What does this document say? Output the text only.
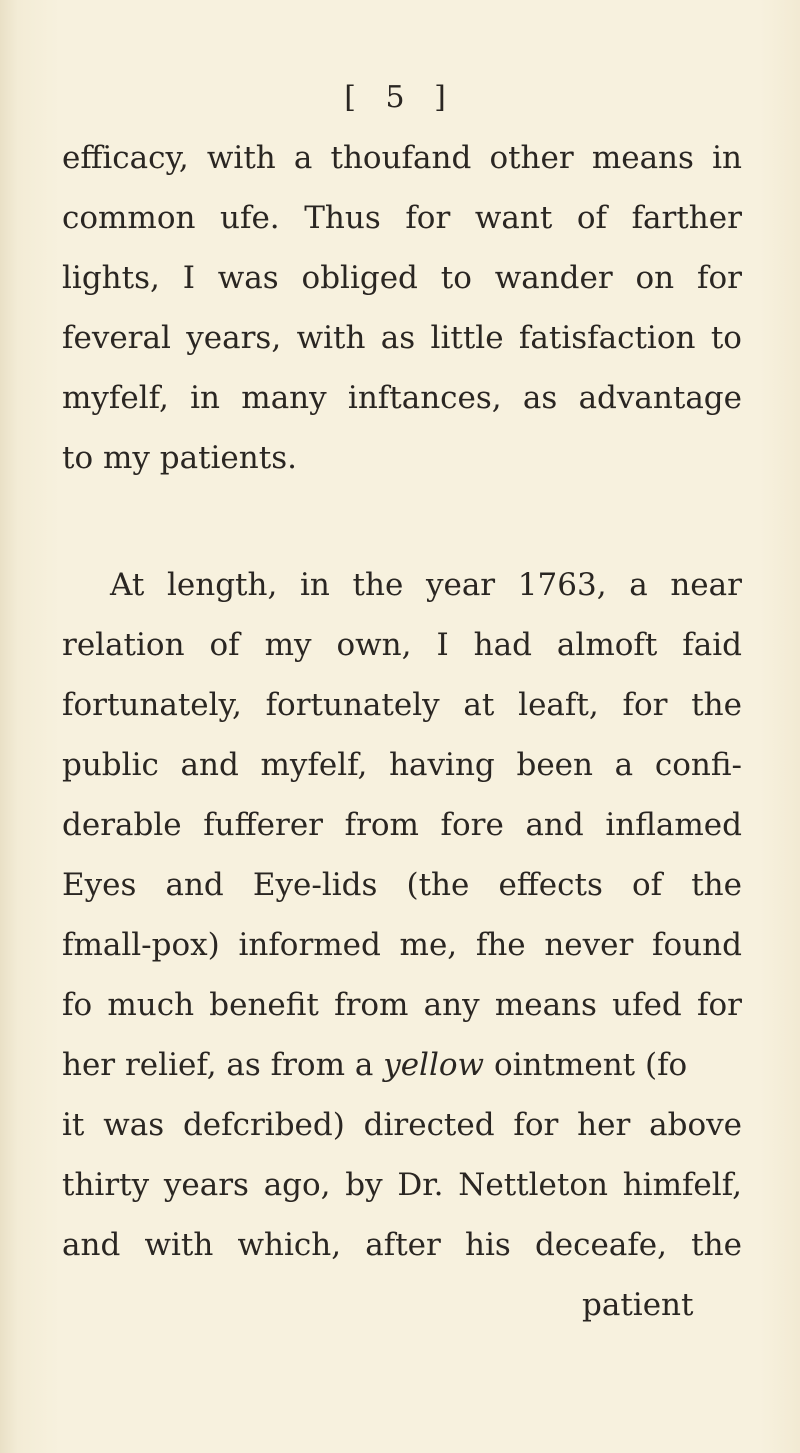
[ 5 ]
efficacy, with a thoufand other means in
common ufe. Thus for want of farther
lights, I was obliged to wander on for
feveral years, with as little fatisfaction to
myfelf, in many inftances, as advantage
to my patients.
At length, in the year 1763, a near
relation of my own, I had almoft faid
fortunately, fortunately at leaft, for the
public and myfelf, having been a confi-
derable fufferer from fore and inflamed
Eyes and Eye-lids (the effects of the
fmall-pox) informed me, fhe never found
fo much benefit from any means ufed for
her relief, as from a
yellow
ointment (fo
it was defcribed) directed for her above
thirty years ago, by Dr. Nettleton himfelf,
and with which, after his deceafe, the
patient
